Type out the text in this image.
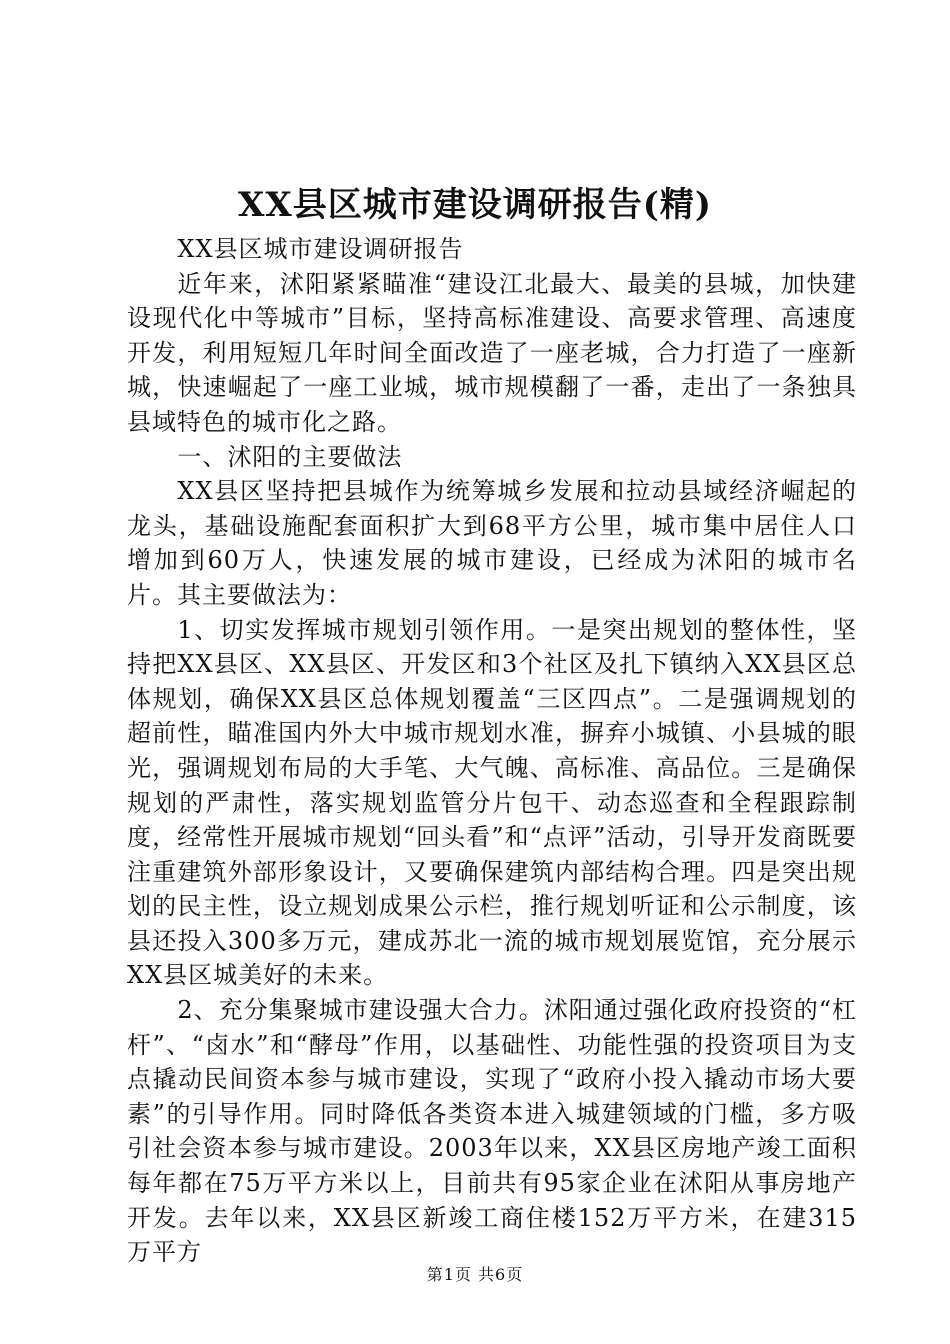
XX县区城市建设调研报告(精)

XX县区城市建设调研报告

近年来，沭阳紧紧瞄准“建设江北最大、最美的县城，加快建设现代化中等城市”目标，坚持高标准建设、高要求管理、高速度开发，利用短短几年时间全面改造了一座老城，合力打造了一座新城，快速崛起了一座工业城，城市规模翻了一番，走出了一条独具县域特色的城市化之路。

一、沭阳的主要做法

XX县区坚持把县城作为统筹城乡发展和拉动县域经济崛起的龙头，基础设施配套面积扩大到68平方公里，城市集中居住人口增加到60万人，快速发展的城市建设，已经成为沭阳的城市名片。其主要做法为：

1、切实发挥城市规划引领作用。一是突出规划的整体性，坚持把XX县区、XX县区、开发区和3个社区及扎下镇纳入XX县区总体规划，确保XX县区总体规划覆盖“三区四点”。二是强调规划的超前性，瞄准国内外大中城市规划水准，摒弃小城镇、小县城的眼光，强调规划布局的大手笔、大气魄、高标准、高品位。三是确保规划的严肃性，落实规划监管分片包干、动态巡查和全程跟踪制度，经常性开展城市规划“回头看”和“点评”活动，引导开发商既要注重建筑外部形象设计，又要确保建筑内部结构合理。四是突出规划的民主性，设立规划成果公示栏，推行规划听证和公示制度，该县还投入300多万元，建成苏北一流的城市规划展览馆，充分展示XX县区城美好的未来。

2、充分集聚城市建设强大合力。沭阳通过强化政府投资的“杠杆”、“卤水”和“酵母”作用，以基础性、功能性强的投资项目为支点撬动民间资本参与城市建设，实现了“政府小投入撬动市场大要素”的引导作用。同时降低各类资本进入城建领域的门槛，多方吸引社会资本参与城市建设。2003年以来，XX县区房地产竣工面积每年都在75万平方米以上，目前共有95家企业在沭阳从事房地产开发。去年以来，XX县区新竣工商住楼152万平方米，在建315万平方

第1页 共6页
